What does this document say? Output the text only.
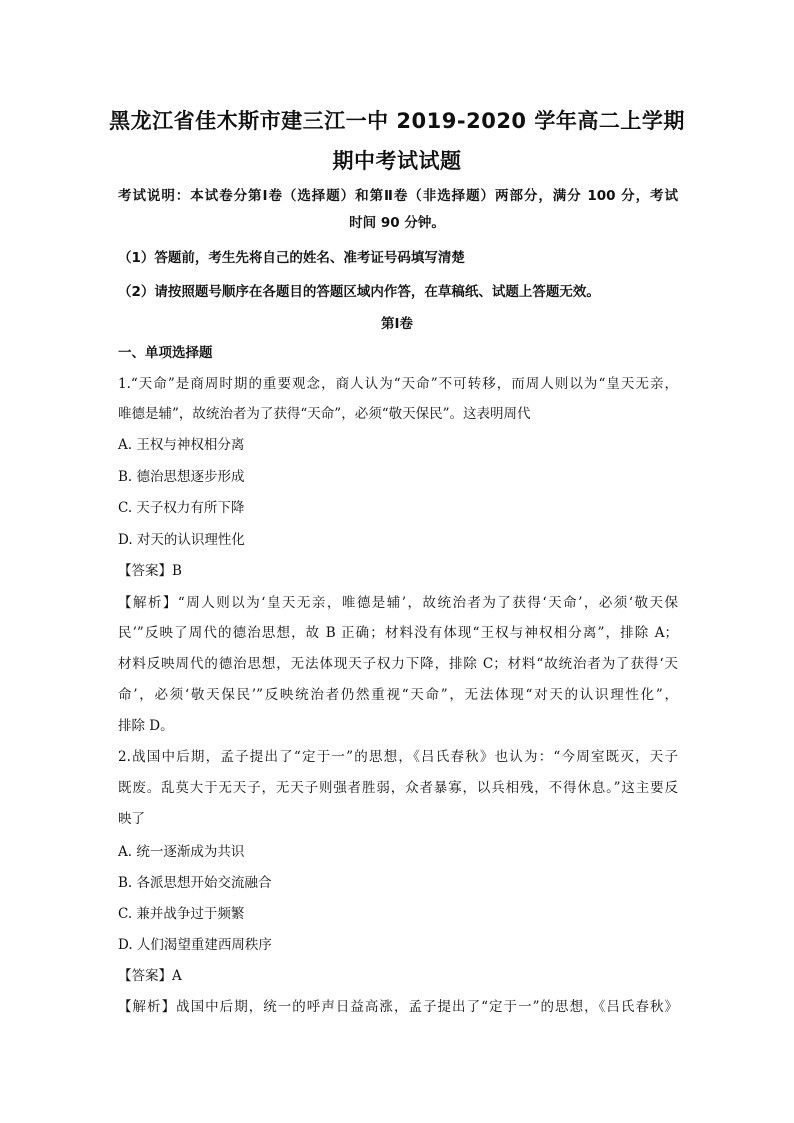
黑龙江省佳木斯市建三江一中 2019-2020 学年高二上学期
期中考试试题
考试说明：本试卷分第Ⅰ卷（选择题）和第Ⅱ卷（非选择题）两部分，满分 100 分，考试
时间 90 分钟。
（1）答题前，考生先将自己的姓名、准考证号码填写清楚
（2）请按照题号顺序在各题目的答题区域内作答，在草稿纸、试题上答题无效。
第Ⅰ卷
一、单项选择题
1.“天命”是商周时期的重要观念，商人认为“天命”不可转移，而周人则以为“皇天无亲，
唯德是辅”，故统治者为了获得“天命”，必须“敬天保民”。这表明周代
A. 王权与神权相分离
B. 德治思想逐步形成
C. 天子权力有所下降
D. 对天的认识理性化
【答案】B
【解析】“周人则以为‘皇天无亲，唯德是辅’，故统治者为了获得‘天命’，必须‘敬天保
民’”反映了周代的德治思想，故 B 正确；材料没有体现“王权与神权相分离”，排除 A；
材料反映周代的德治思想，无法体现天子权力下降，排除 C；材料“故统治者为了获得‘天
命’，必须‘敬天保民’”反映统治者仍然重视“天命”，无法体现“对天的认识理性化”，
排除 D。
2.战国中后期，孟子提出了“定于一”的思想，《吕氏春秋》也认为：“今周室既灭，天子
既废。乱莫大于无天子，无天子则强者胜弱，众者暴寡，以兵相残，不得休息。”这主要反
映了
A. 统一逐渐成为共识
B. 各派思想开始交流融合
C. 兼并战争过于频繁
D. 人们渴望重建西周秩序
【答案】A
【解析】战国中后期，统一的呼声日益高涨，孟子提出了“定于一”的思想，《吕氏春秋》
